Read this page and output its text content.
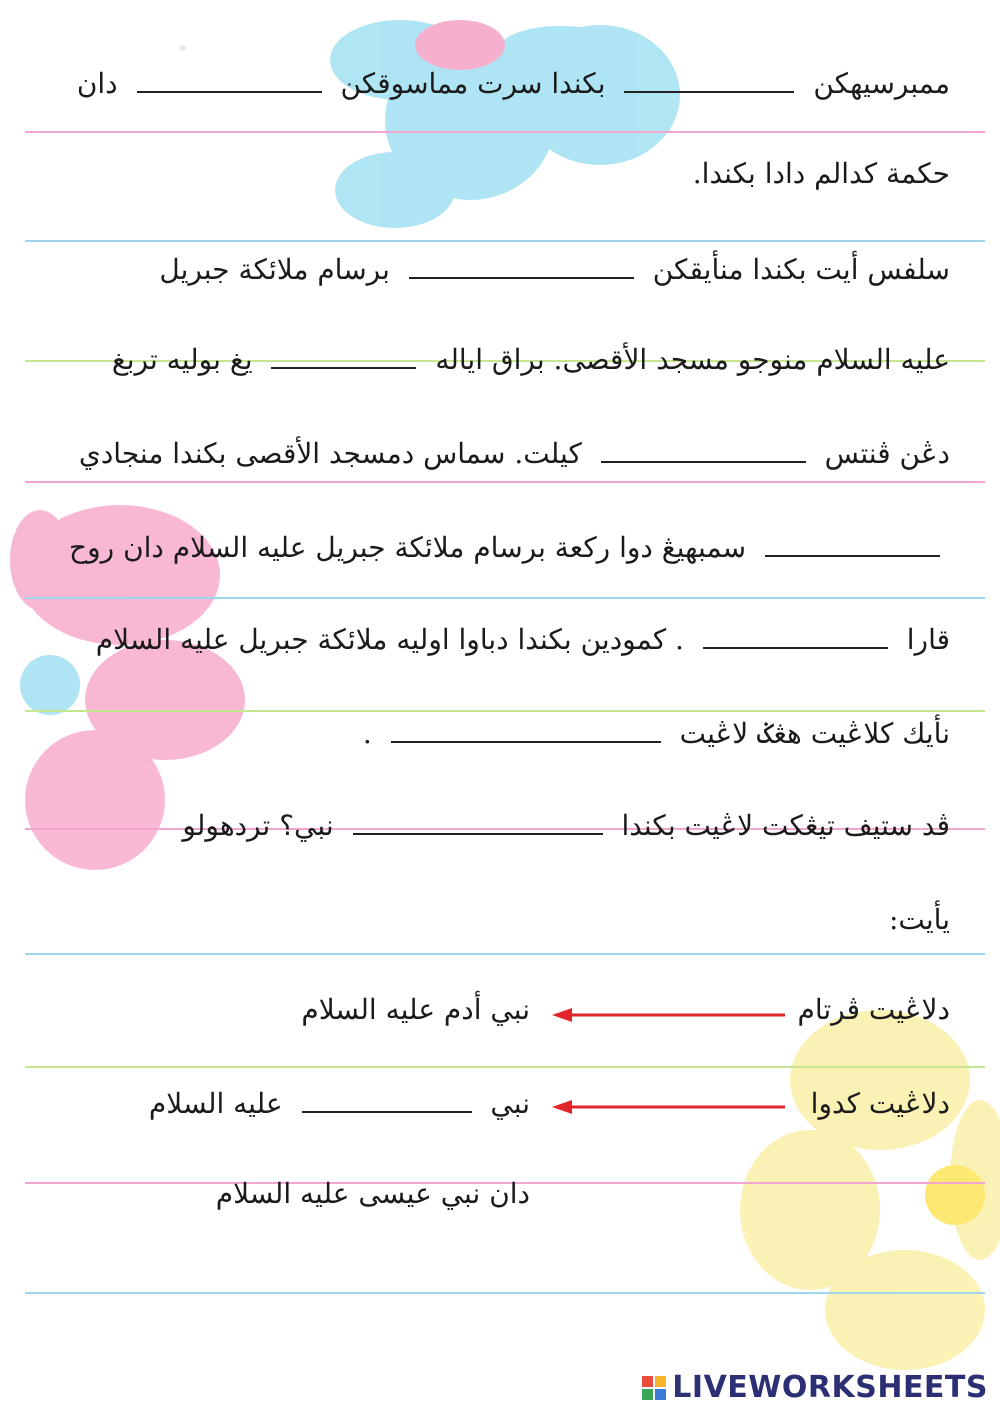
ممبرسيهکن  بکندا سرت مماسوقکن  دان
حکمة کدالم دادا بکندا.
سلفس أيت بکندا منأيقکن  برسام ملائکة جبريل
عليه السلام منوجو مسجد الأقصى. براق اياله  يغ بوليه تربغ
دڠن ڤنتس  کيلت. سماس دمسجد الأقصى بکندا منجادي
سمبهيڠ دوا رکعة برسام ملائکة جبريل عليه السلام دان روح
قارا  . کمودين بکندا دباوا اوليه ملائکة جبريل عليه السلام
نأيك کلاڠيت هڠݢ لاڠيت  .
ڤد ستيف تيڠکت لاڠيت بکندا  نبي؟ تردهولو
يأيت:
دلاڠيت ڤرتام
نبي أدم عليه السلام
دلاڠيت کدوا
نبي  عليه السلام
دان نبي عيسى عليه السلام
LIVEWORKSHEETS
